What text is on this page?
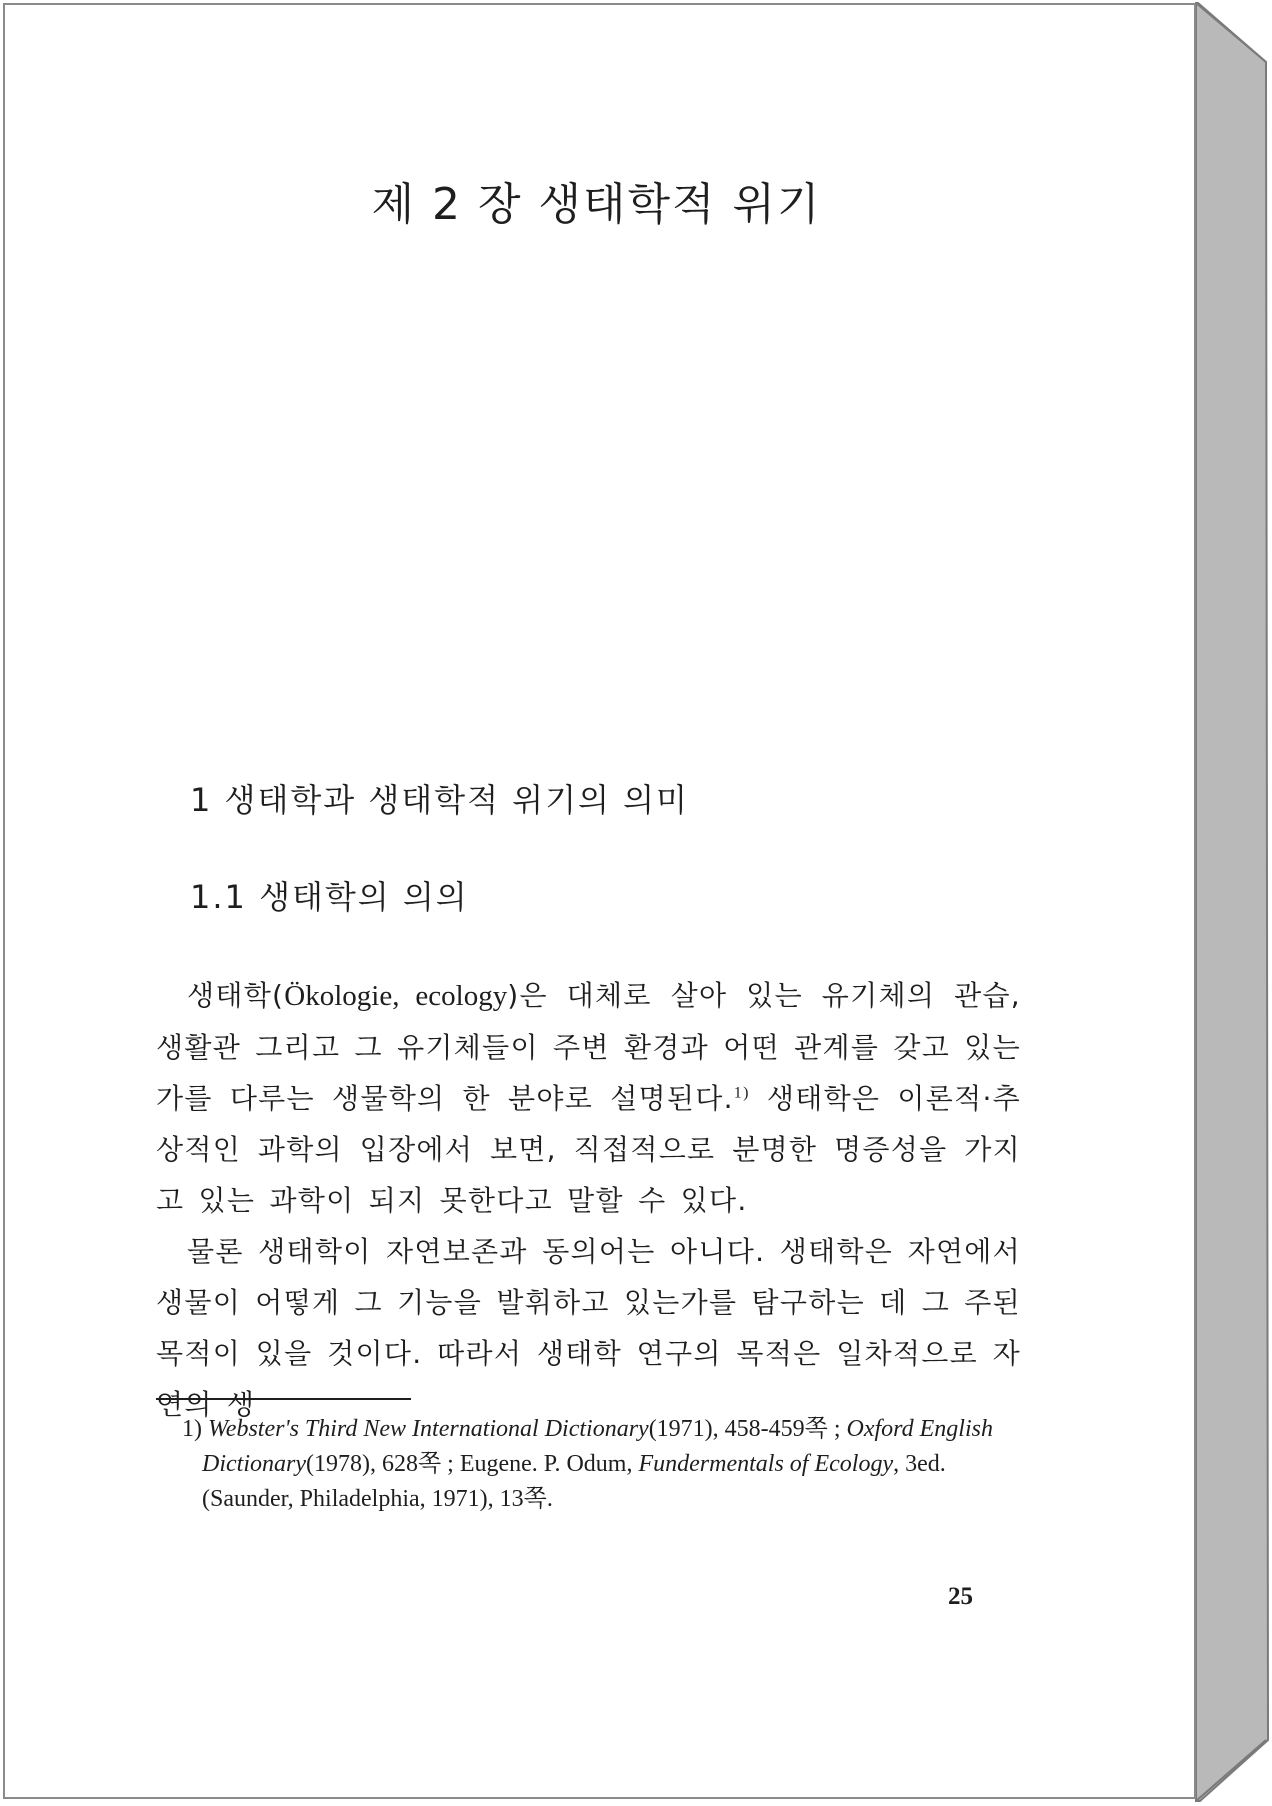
제 2 장 생태학적 위기
1 생태학과 생태학적 위기의 의미
1.1 생태학의 의의

생태학(Ökologie, ecology)은 대체로 살아 있는 유기체의 관습, 생활관 그리고 그 유기체들이 주변 환경과 어떤 관계를 갖고 있는가를 다루는 생물학의 한 분야로 설명된다.$^{1)}$ 생태학은 이론적·추상적인 과학의 입장에서 보면, 직접적으로 분명한 명증성을 가지고 있는 과학이 되지 못한다고 말할 수 있다.

물론 생태학이 자연보존과 동의어는 아니다. 생태학은 자연에서 생물이 어떻게 그 기능을 발휘하고 있는가를 탐구하는 데 그 주된 목적이 있을 것이다. 따라서 생태학 연구의 목적은 일차적으로 자연의 생

1) Webster's Third New International Dictionary(1971), 458-459쪽 ; Oxford English Dictionary(1978), 628쪽 ; Eugene. P. Odum, Fundermentals of Ecology, 3ed. (Saunder, Philadelphia, 1971), 13쪽.
25
